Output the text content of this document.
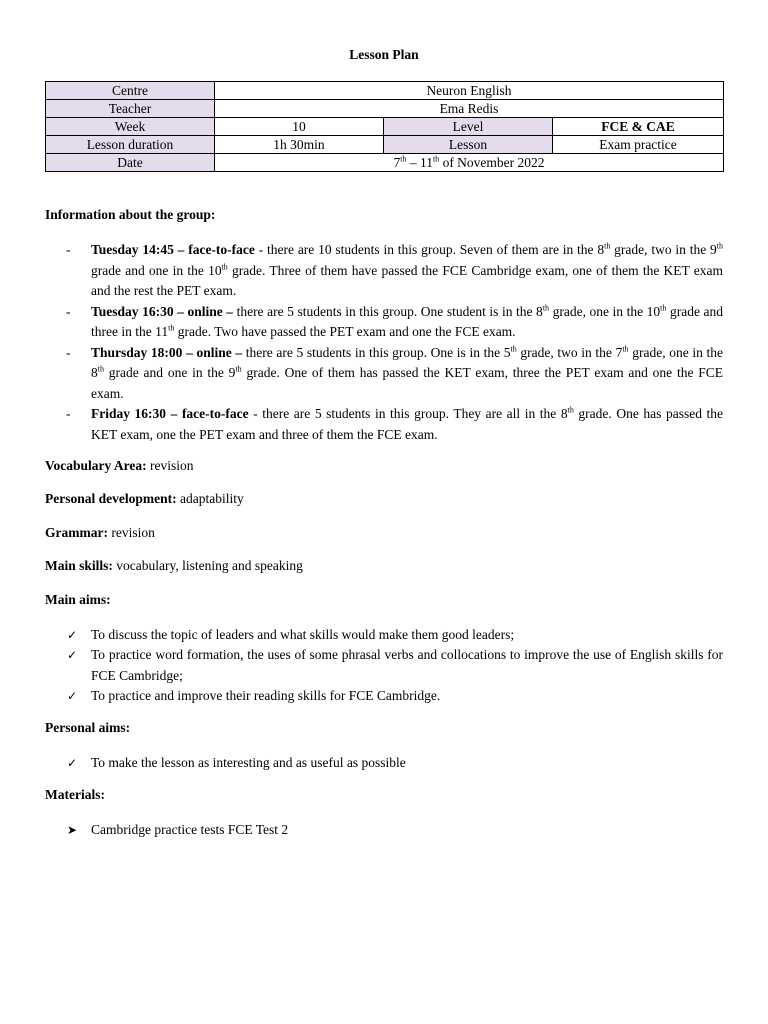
Lesson Plan
Centre	Neuron English		
Teacher	Ema Redis		
Week	10	Level	FCE & CAE
Lesson duration	1h 30min	Lesson	Exam practice
Date	7th – 11th of November 2022		
Information about the group:
- Tuesday 14:45 – face-to-face - there are 10 students in this group. Seven of them are in the 8th grade, two in the 9th grade and one in the 10th grade. Three of them have passed the FCE Cambridge exam, one of them the KET exam and the rest the PET exam.
- Tuesday 16:30 – online – there are 5 students in this group. One student is in the 8th grade, one in the 10th grade and three in the 11th grade. Two have passed the PET exam and one the FCE exam.
- Thursday 18:00 – online – there are 5 students in this group. One is in the 5th grade, two in the 7th grade, one in the 8th grade and one in the 9th grade. One of them has passed the KET exam, three the PET exam and one the FCE exam.
- Friday 16:30 – face-to-face - there are 5 students in this group. They are all in the 8th grade. One has passed the KET exam, one the PET exam and three of them the FCE exam.
Vocabulary Area: revision
Personal development: adaptability
Grammar: revision
Main skills: vocabulary, listening and speaking
Main aims:
✓ To discuss the topic of leaders and what skills would make them good leaders;
✓ To practice word formation, the uses of some phrasal verbs and collocations to improve the use of English skills for FCE Cambridge;
✓ To practice and improve their reading skills for FCE Cambridge.
Personal aims:
✓ To make the lesson as interesting and as useful as possible
Materials:
➤ Cambridge practice tests FCE Test 2
